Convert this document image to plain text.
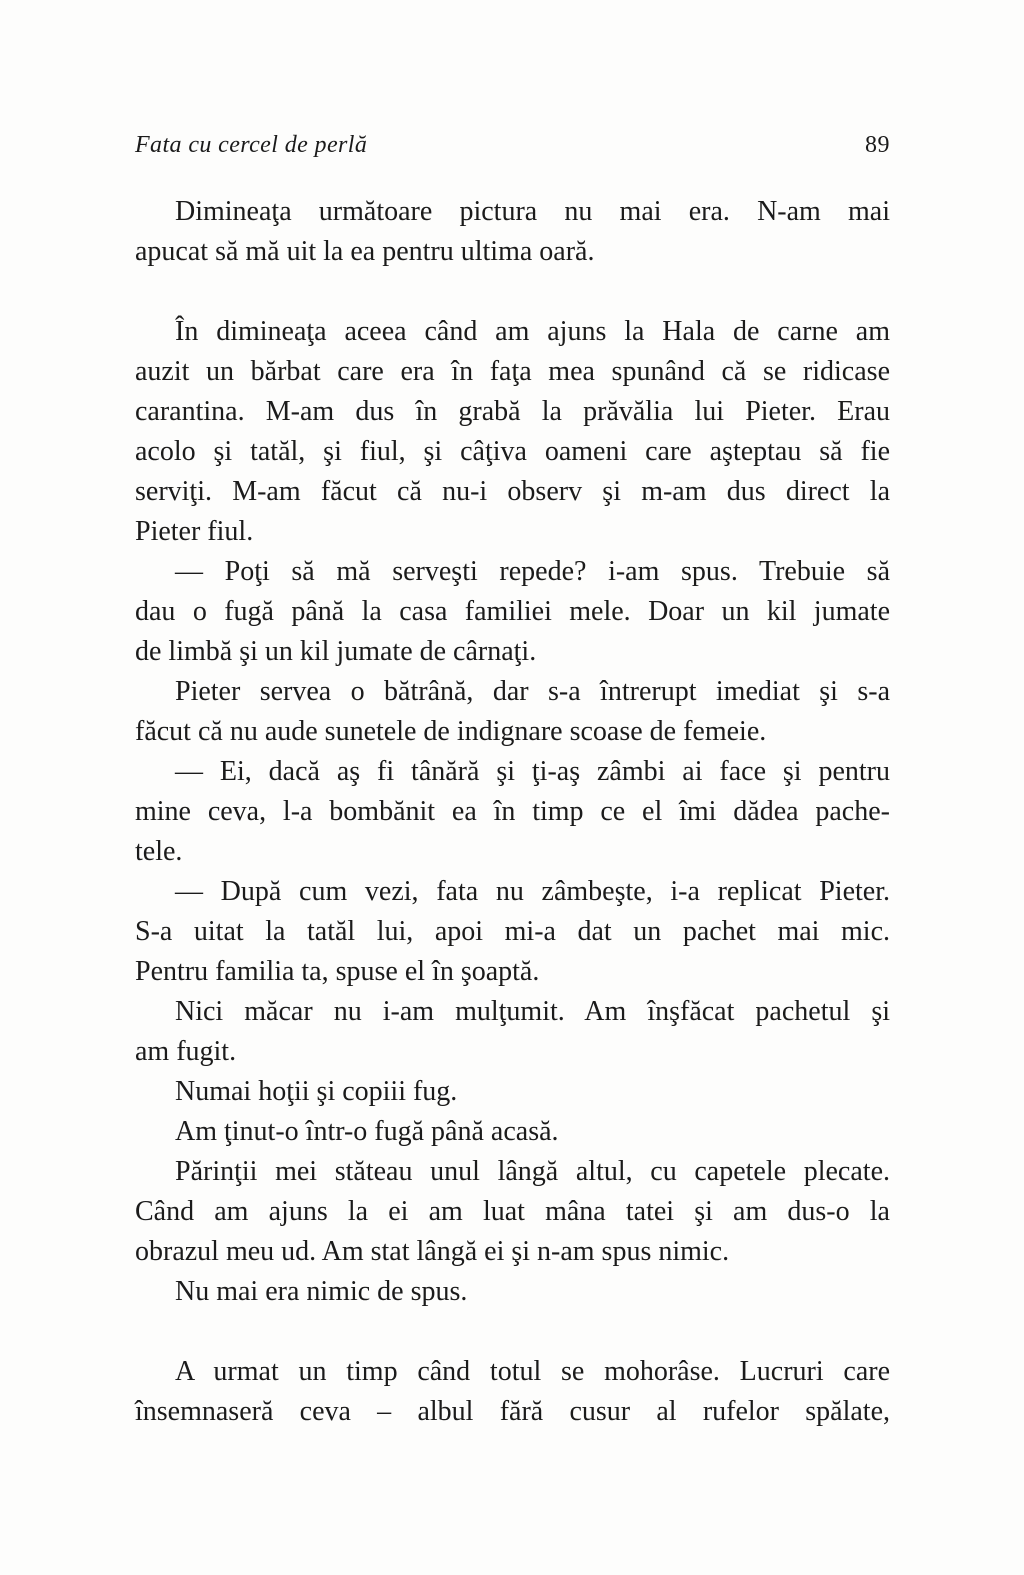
Fata cu cercel de perlă	89
Dimineaţa următoare pictura nu mai era. N-am mai
apucat să mă uit la ea pentru ultima oară.
În dimineaţa aceea când am ajuns la Hala de carne am
auzit un bărbat care era în faţa mea spunând că se ridicase
carantina. M-am dus în grabă la prăvălia lui Pieter. Erau
acolo şi tatăl, şi fiul, şi câţiva oameni care aşteptau să fie
serviţi. M-am făcut că nu-i observ şi m-am dus direct la
Pieter fiul.
— Poţi să mă serveşti repede? i-am spus. Trebuie să
dau o fugă până la casa familiei mele. Doar un kil jumate
de limbă şi un kil jumate de cârnaţi.
Pieter servea o bătrână, dar s-a întrerupt imediat şi s-a
făcut că nu aude sunetele de indignare scoase de femeie.
— Ei, dacă aş fi tânără şi ţi-aş zâmbi ai face şi pentru
mine ceva, l-a bombănit ea în timp ce el îmi dădea pache-
tele.
— După cum vezi, fata nu zâmbeşte, i-a replicat Pieter.
S-a uitat la tatăl lui, apoi mi-a dat un pachet mai mic.
Pentru familia ta, spuse el în şoaptă.
Nici măcar nu i-am mulţumit. Am înşfăcat pachetul şi
am fugit.
Numai hoţii şi copiii fug.
Am ţinut-o într-o fugă până acasă.
Părinţii mei stăteau unul lângă altul, cu capetele plecate.
Când am ajuns la ei am luat mâna tatei şi am dus-o la
obrazul meu ud. Am stat lângă ei şi n-am spus nimic.
Nu mai era nimic de spus.
A urmat un timp când totul se mohorâse. Lucruri care
însemnaseră ceva – albul fără cusur al rufelor spălate,
